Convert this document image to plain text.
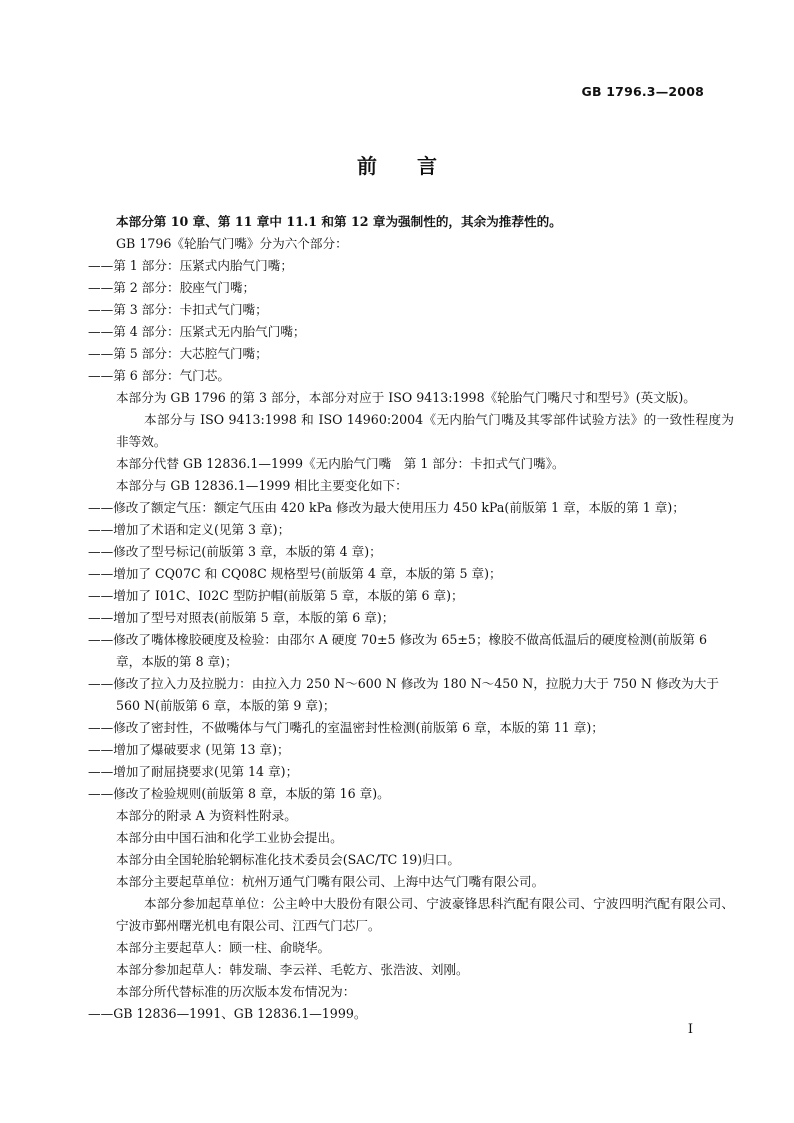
GB 1796.3—2008
前言

本部分第 10 章、第 11 章中 11.1 和第 12 章为强制性的，其余为推荐性的。

GB 1796《轮胎气门嘴》分为六个部分：

——第 1 部分：压紧式内胎气门嘴；

——第 2 部分：胶座气门嘴；

——第 3 部分：卡扣式气门嘴；

——第 4 部分：压紧式无内胎气门嘴；

——第 5 部分：大芯腔气门嘴；

——第 6 部分：气门芯。

本部分为 GB 1796 的第 3 部分，本部分对应于 ISO 9413:1998《轮胎气门嘴尺寸和型号》(英文版)。

本部分与 ISO 9413:1998 和 ISO 14960:2004《无内胎气门嘴及其零部件试验方法》的一致性程度为非等效。

本部分代替 GB 12836.1—1999《无内胎气门嘴　第 1 部分：卡扣式气门嘴》。

本部分与 GB 12836.1—1999 相比主要变化如下：

——修改了额定气压：额定气压由 420 kPa 修改为最大使用压力 450 kPa(前版第 1 章，本版的第 1 章)；

——增加了术语和定义(见第 3 章)；

——修改了型号标记(前版第 3 章，本版的第 4 章)；

——增加了 CQ07C 和 CQ08C 规格型号(前版第 4 章，本版的第 5 章)；

——增加了 I01C、I02C 型防护帽(前版第 5 章，本版的第 6 章)；

——增加了型号对照表(前版第 5 章，本版的第 6 章)；

——修改了嘴体橡胶硬度及检验：由邵尔 A 硬度 70±5 修改为 65±5；橡胶不做高低温后的硬度检测(前版第 6 章，本版的第 8 章)；

——修改了拉入力及拉脱力：由拉入力 250 N～600 N 修改为 180 N～450 N，拉脱力大于 750 N 修改为大于 560 N(前版第 6 章，本版的第 9 章)；

——修改了密封性，不做嘴体与气门嘴孔的室温密封性检测(前版第 6 章，本版的第 11 章)；

——增加了爆破要求 (见第 13 章)；

——增加了耐屈挠要求(见第 14 章)；

——修改了检验规则(前版第 8 章，本版的第 16 章)。

本部分的附录 A 为资料性附录。

本部分由中国石油和化学工业协会提出。

本部分由全国轮胎轮辋标准化技术委员会(SAC/TC 19)归口。

本部分主要起草单位：杭州万通气门嘴有限公司、上海中达气门嘴有限公司。

本部分参加起草单位：公主岭中大股份有限公司、宁波豪锋思科汽配有限公司、宁波四明汽配有限公司、宁波市鄞州曙光机电有限公司、江西气门芯厂。

本部分主要起草人：顾一柱、俞晓华。

本部分参加起草人：韩发瑞、李云祥、毛乾方、张浩波、刘刚。

本部分所代替标准的历次版本发布情况为：

——GB 12836—1991、GB 12836.1—1999。

I
